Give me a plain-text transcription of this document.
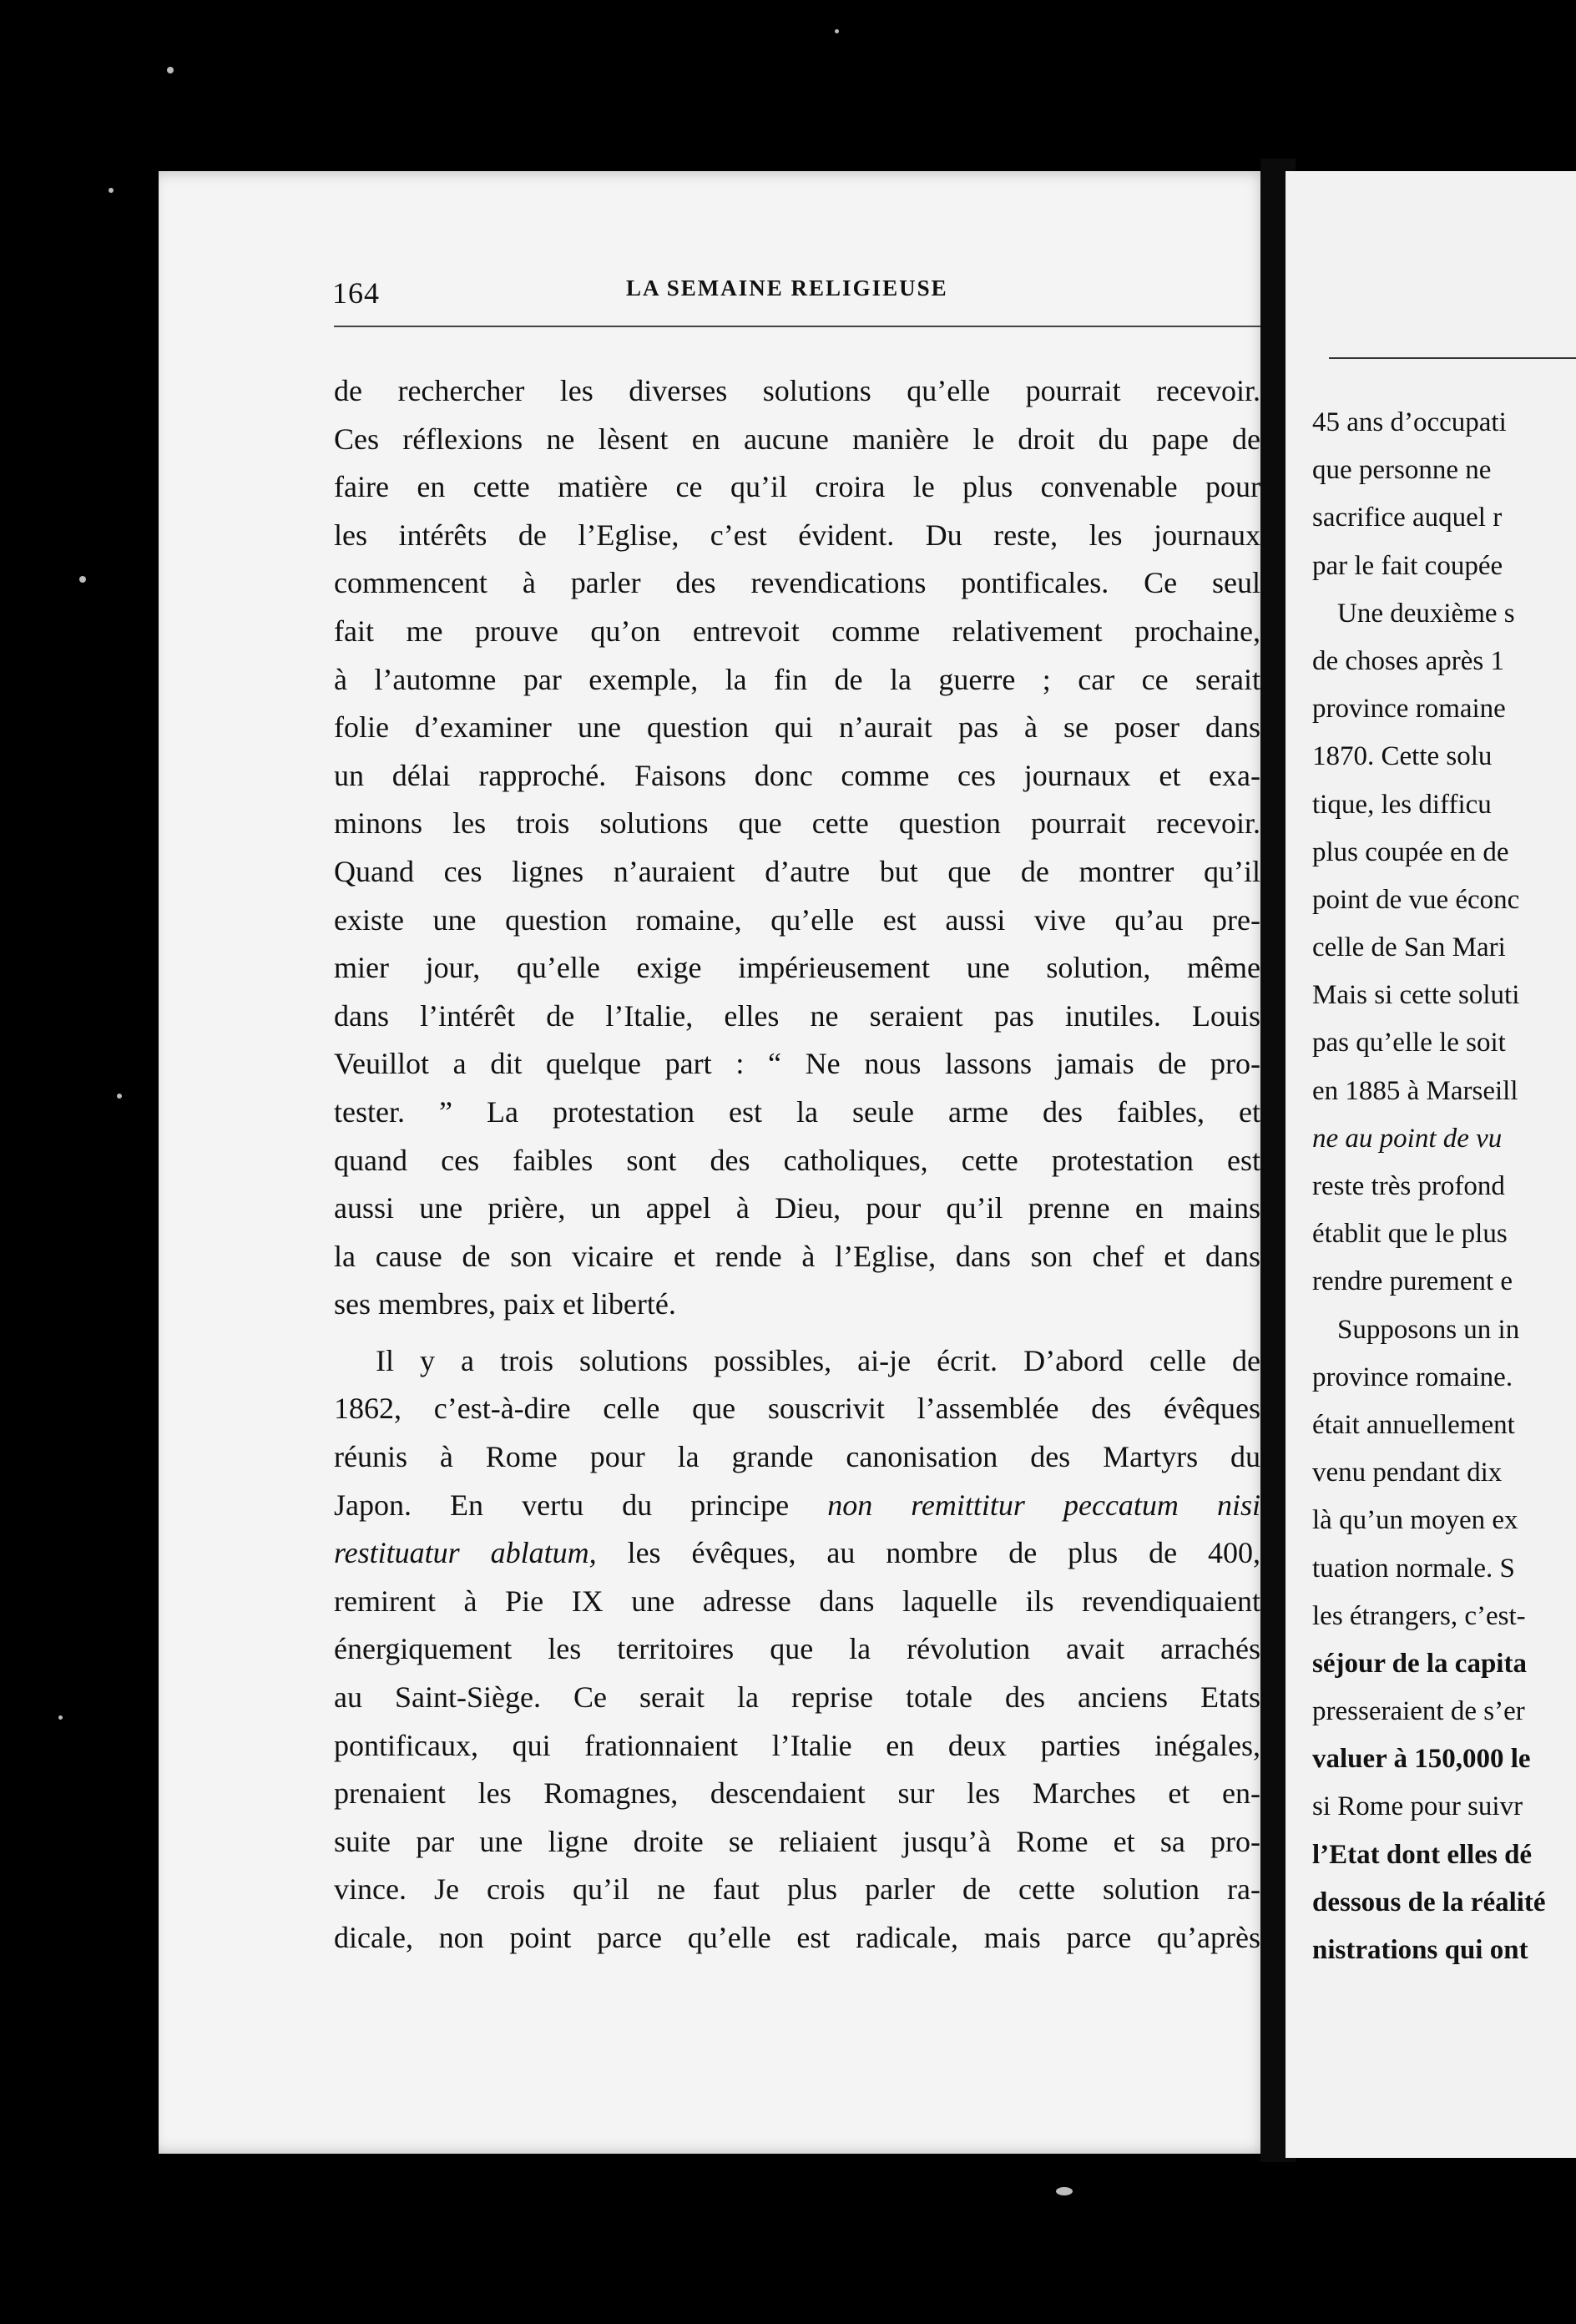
164	LA SEMAINE RELIGIEUSE
de rechercher les diverses solutions qu’elle pourrait recevoir.
Ces réflexions ne lèsent en aucune manière le droit du pape de
faire en cette matière ce qu’il croira le plus convenable pour
les intérêts de l’Eglise, c’est évident. Du reste, les journaux
commencent à parler des revendications pontificales. Ce seul
fait me prouve qu’on entrevoit comme relativement prochaine,
à l’automne par exemple, la fin de la guerre ; car ce serait
folie d’examiner une question qui n’aurait pas à se poser dans
un délai rapproché. Faisons donc comme ces journaux et exa-
minons les trois solutions que cette question pourrait recevoir.
Quand ces lignes n’auraient d’autre but que de montrer qu’il
existe une question romaine, qu’elle est aussi vive qu’au pre-
mier jour, qu’elle exige impérieusement une solution, même
dans l’intérêt de l’Italie, elles ne seraient pas inutiles. Louis
Veuillot a dit quelque part : “ Ne nous lassons jamais de pro-
tester. ” La protestation est la seule arme des faibles, et
quand ces faibles sont des catholiques, cette protestation est
aussi une prière, un appel à Dieu, pour qu’il prenne en mains
la cause de son vicaire et rende à l’Eglise, dans son chef et dans
ses membres, paix et liberté.
Il y a trois solutions possibles, ai-je écrit. D’abord celle de
1862, c’est-à-dire celle que souscrivit l’assemblée des évêques
réunis à Rome pour la grande canonisation des Martyrs du
Japon. En vertu du principe non remittitur peccatum nisi
restituatur ablatum, les évêques, au nombre de plus de 400,
remirent à Pie IX une adresse dans laquelle ils revendiquaient
énergiquement les territoires que la révolution avait arrachés
au Saint-Siège. Ce serait la reprise totale des anciens Etats
pontificaux, qui frationnaient l’Italie en deux parties inégales,
prenaient les Romagnes, descendaient sur les Marches et en-
suite par une ligne droite se reliaient jusqu’à Rome et sa pro-
vince. Je crois qu’il ne faut plus parler de cette solution ra-
dicale, non point parce qu’elle est radicale, mais parce qu’après
45 ans d’occupati
que personne ne
sacrifice auquel r
par le fait coupée
Une deuxième s
de choses après 1
province romaine
1870. Cette solu
tique, les difficu
plus coupée en de
point de vue éconc
celle de San Mari
Mais si cette soluti
pas qu’elle le soit
en 1885 à Marseill
ne au point de vu
reste très profond
établit que le plus
rendre purement e
Supposons un in
province romaine.
était annuellement
venu pendant dix
là qu’un moyen ex
tuation normale. S
les étrangers, c’est-
séjour de la capita
presseraient de s’er
valuer à 150,000 le
si Rome pour suivr
l’Etat dont elles dé
dessous de la réalité
nistrations qui ont
